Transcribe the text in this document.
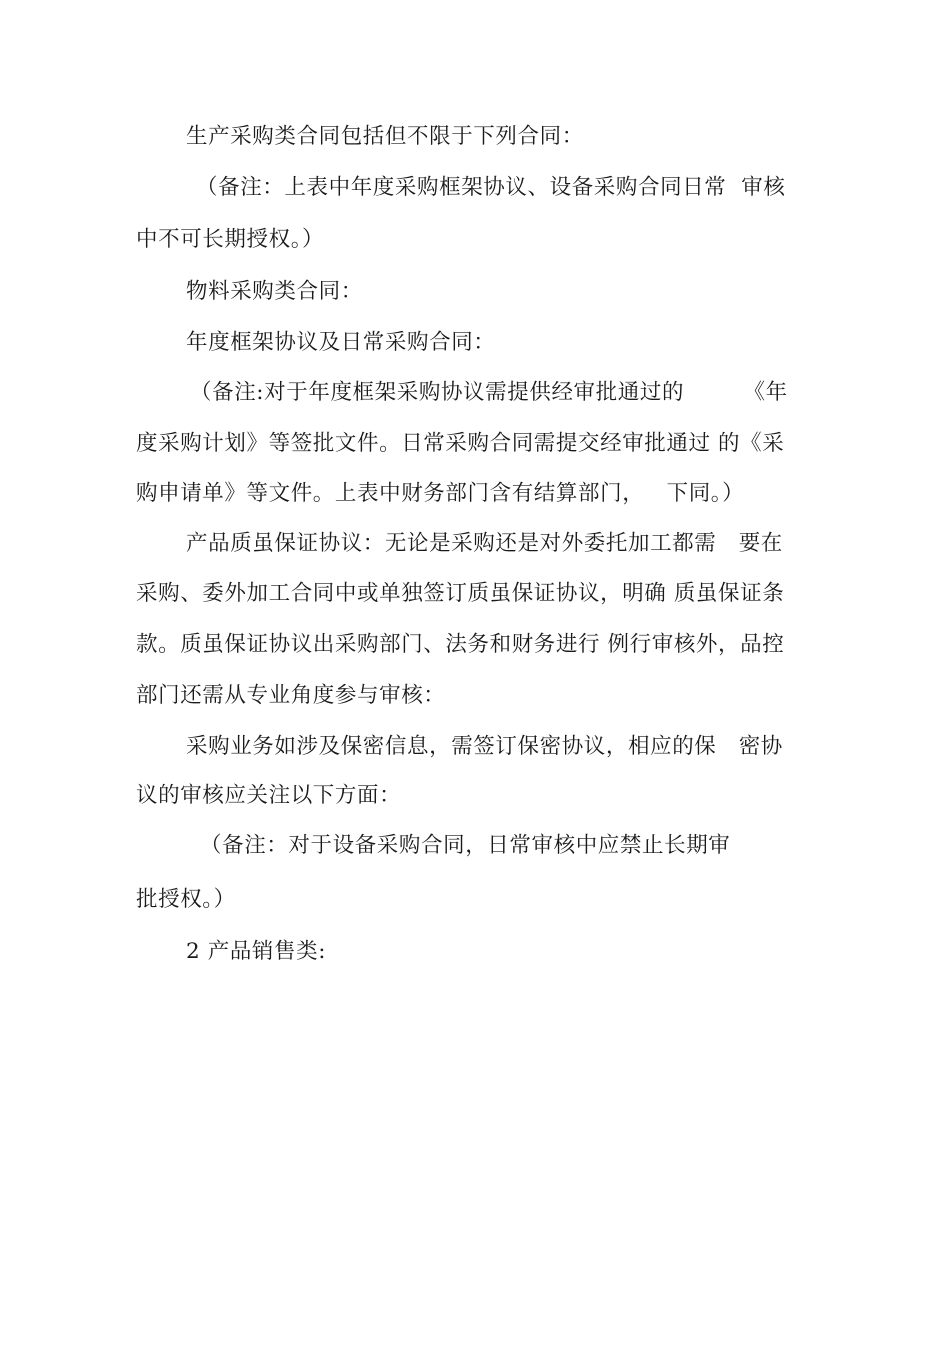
生产采购类合同包括但不限于下列合同：
（备注：上表中年度采购框架协议、设备采购合同日常  审核
中不可长期授权。）
物料采购类合同：
年度框架协议及日常采购合同：
（备注:对于年度框架采购协议需提供经审批通过的        《年
度采购计划》等签批文件。日常采购合同需提交经审批通过 的《采
购申请单》等文件。上表中财务部门含有结算部门，   下同。）
产品质虽保证协议：无论是采购还是对外委托加工都需   要在
采购、委外加工合同中或单独签订质虽保证协议，明确 质虽保证条
款。质虽保证协议出采购部门、法务和财务进行 例行审核外，品控
部门还需从专业角度参与审核：
采购业务如涉及保密信息，需签订保密协议，相应的保   密协
议的审核应关注以下方面：
（备注：对于设备采购合同，日常审核中应禁止长期审
批授权。）
2 产品销售类:
